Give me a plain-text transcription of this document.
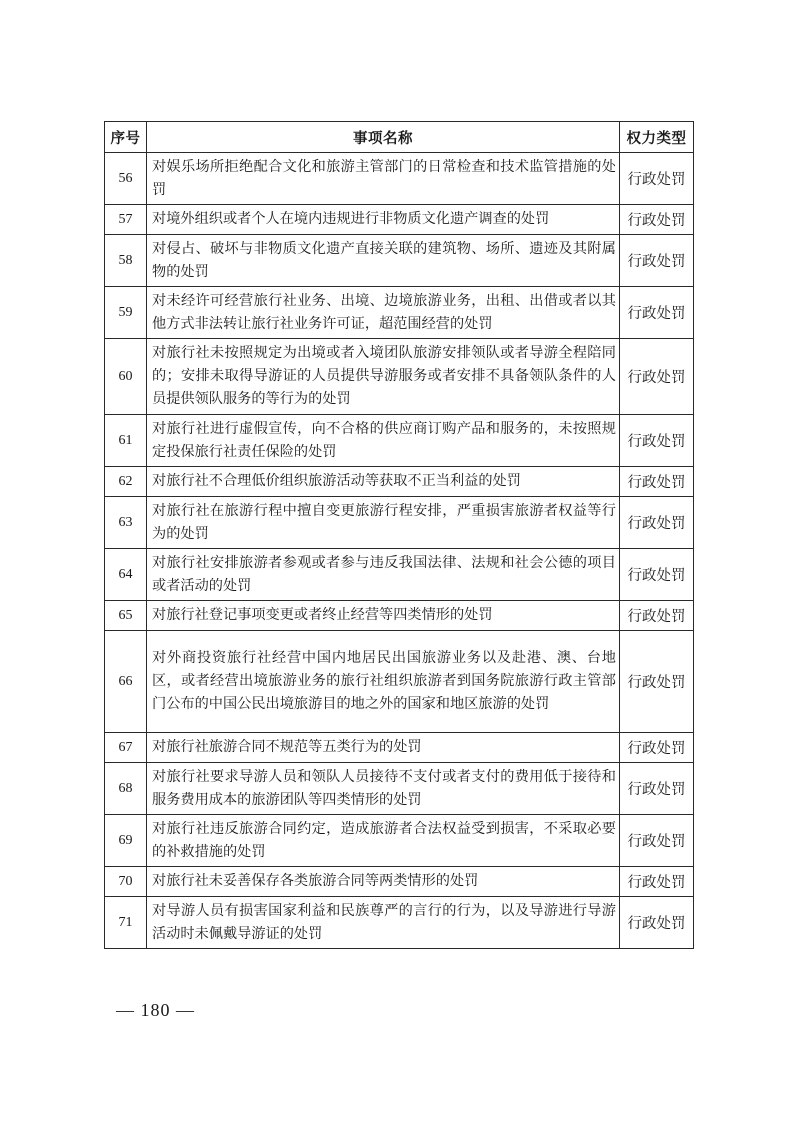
序号	事项名称	权力类型
56	对娱乐场所拒绝配合文化和旅游主管部门的日常检查和技术监管措施的处罚	行政处罚
57	对境外组织或者个人在境内违规进行非物质文化遗产调查的处罚	行政处罚
58	对侵占、破坏与非物质文化遗产直接关联的建筑物、场所、遗迹及其附属物的处罚	行政处罚
59	对未经许可经营旅行社业务、出境、边境旅游业务，出租、出借或者以其他方式非法转让旅行社业务许可证，超范围经营的处罚	行政处罚
60	对旅行社未按照规定为出境或者入境团队旅游安排领队或者导游全程陪同的；安排未取得导游证的人员提供导游服务或者安排不具备领队条件的人员提供领队服务的等行为的处罚	行政处罚
61	对旅行社进行虚假宣传，向不合格的供应商订购产品和服务的，未按照规定投保旅行社责任保险的处罚	行政处罚
62	对旅行社不合理低价组织旅游活动等获取不正当利益的处罚	行政处罚
63	对旅行社在旅游行程中擅自变更旅游行程安排，严重损害旅游者权益等行为的处罚	行政处罚
64	对旅行社安排旅游者参观或者参与违反我国法律、法规和社会公德的项目或者活动的处罚	行政处罚
65	对旅行社登记事项变更或者终止经营等四类情形的处罚	行政处罚
66	对外商投资旅行社经营中国内地居民出国旅游业务以及赴港、澳、台地区，或者经营出境旅游业务的旅行社组织旅游者到国务院旅游行政主管部门公布的中国公民出境旅游目的地之外的国家和地区旅游的处罚	行政处罚
67	对旅行社旅游合同不规范等五类行为的处罚	行政处罚
68	对旅行社要求导游人员和领队人员接待不支付或者支付的费用低于接待和服务费用成本的旅游团队等四类情形的处罚	行政处罚
69	对旅行社违反旅游合同约定，造成旅游者合法权益受到损害，不采取必要的补救措施的处罚	行政处罚
70	对旅行社未妥善保存各类旅游合同等两类情形的处罚	行政处罚
71	对导游人员有损害国家利益和民族尊严的言行的行为，以及导游进行导游活动时未佩戴导游证的处罚	行政处罚
— 180 —
